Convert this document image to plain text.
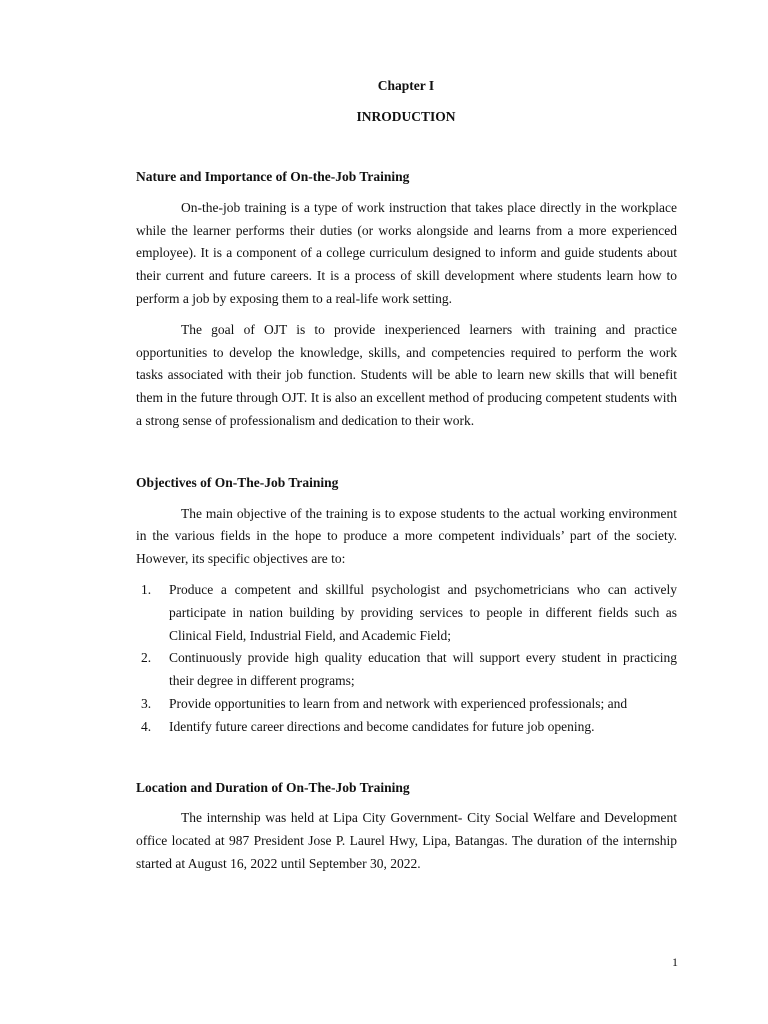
Chapter I
INRODUCTION
Nature and Importance of On-the-Job Training

On-the-job training is a type of work instruction that takes place directly in the workplace while the learner performs their duties (or works alongside and learns from a more experienced employee). It is a component of a college curriculum designed to inform and guide students about their current and future careers. It is a process of skill development where students learn how to perform a job by exposing them to a real-life work setting.

The goal of OJT is to provide inexperienced learners with training and practice opportunities to develop the knowledge, skills, and competencies required to perform the work tasks associated with their job function. Students will be able to learn new skills that will benefit them in the future through OJT. It is also an excellent method of producing competent students with a strong sense of professionalism and dedication to their work.

Objectives of On-The-Job Training

The main objective of the training is to expose students to the actual working environment in the various fields in the hope to produce a more competent individuals’ part of the society. However, its specific objectives are to:

1. Produce a competent and skillful psychologist and psychometricians who can actively participate in nation building by providing services to people in different fields such as Clinical Field, Industrial Field, and Academic Field;
2. Continuously provide high quality education that will support every student in practicing their degree in different programs;
3. Provide opportunities to learn from and network with experienced professionals; and
4. Identify future career directions and become candidates for future job opening.
Location and Duration of On-The-Job Training

The internship was held at Lipa City Government- City Social Welfare and Development office located at 987 President Jose P. Laurel Hwy, Lipa, Batangas. The duration of the internship started at August 16, 2022 until September 30, 2022.

1
